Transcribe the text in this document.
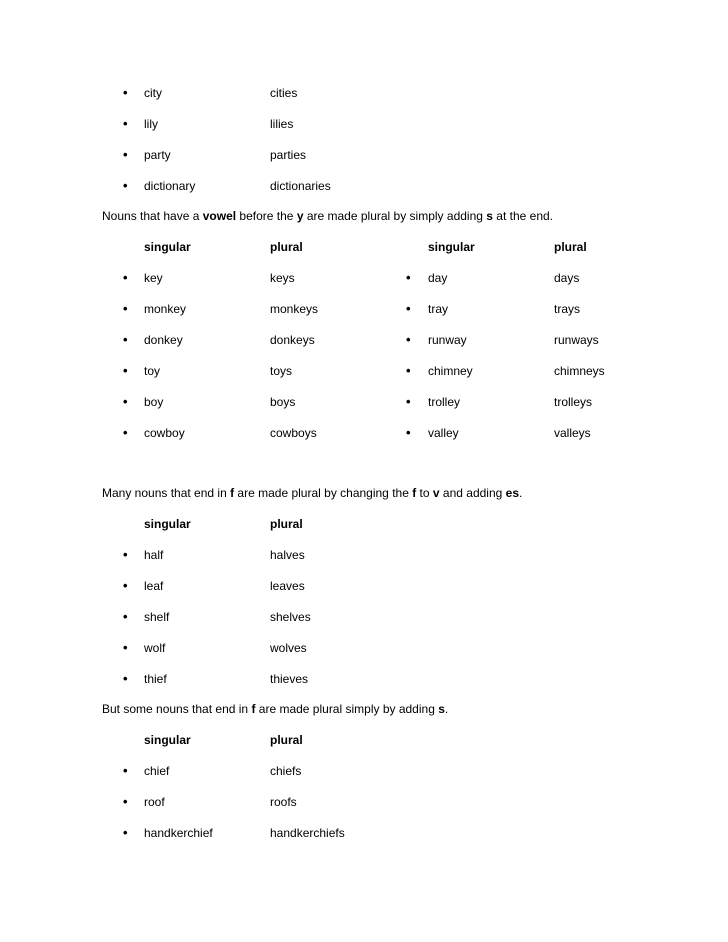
• city	cities
• lily	lilies
• party	parties
• dictionary	dictionaries
Nouns that have a vowel before the y are made plural by simply adding s at the end.
singular	plural	singular	plural
• key	keys	• day	days
• monkey	monkeys	• tray	trays
• donkey	donkeys	• runway	runways
• toy	toys	• chimney	chimneys
• boy	boys	• trolley	trolleys
• cowboy	cowboys	• valley	valleys
Many nouns that end in f are made plural by changing the f to v and adding es.
singular	plural
• half	halves
• leaf	leaves
• shelf	shelves
• wolf	wolves
• thief	thieves
But some nouns that end in f are made plural simply by adding s.
singular	plural
• chief	chiefs
• roof	roofs
• handkerchief	handkerchiefs
